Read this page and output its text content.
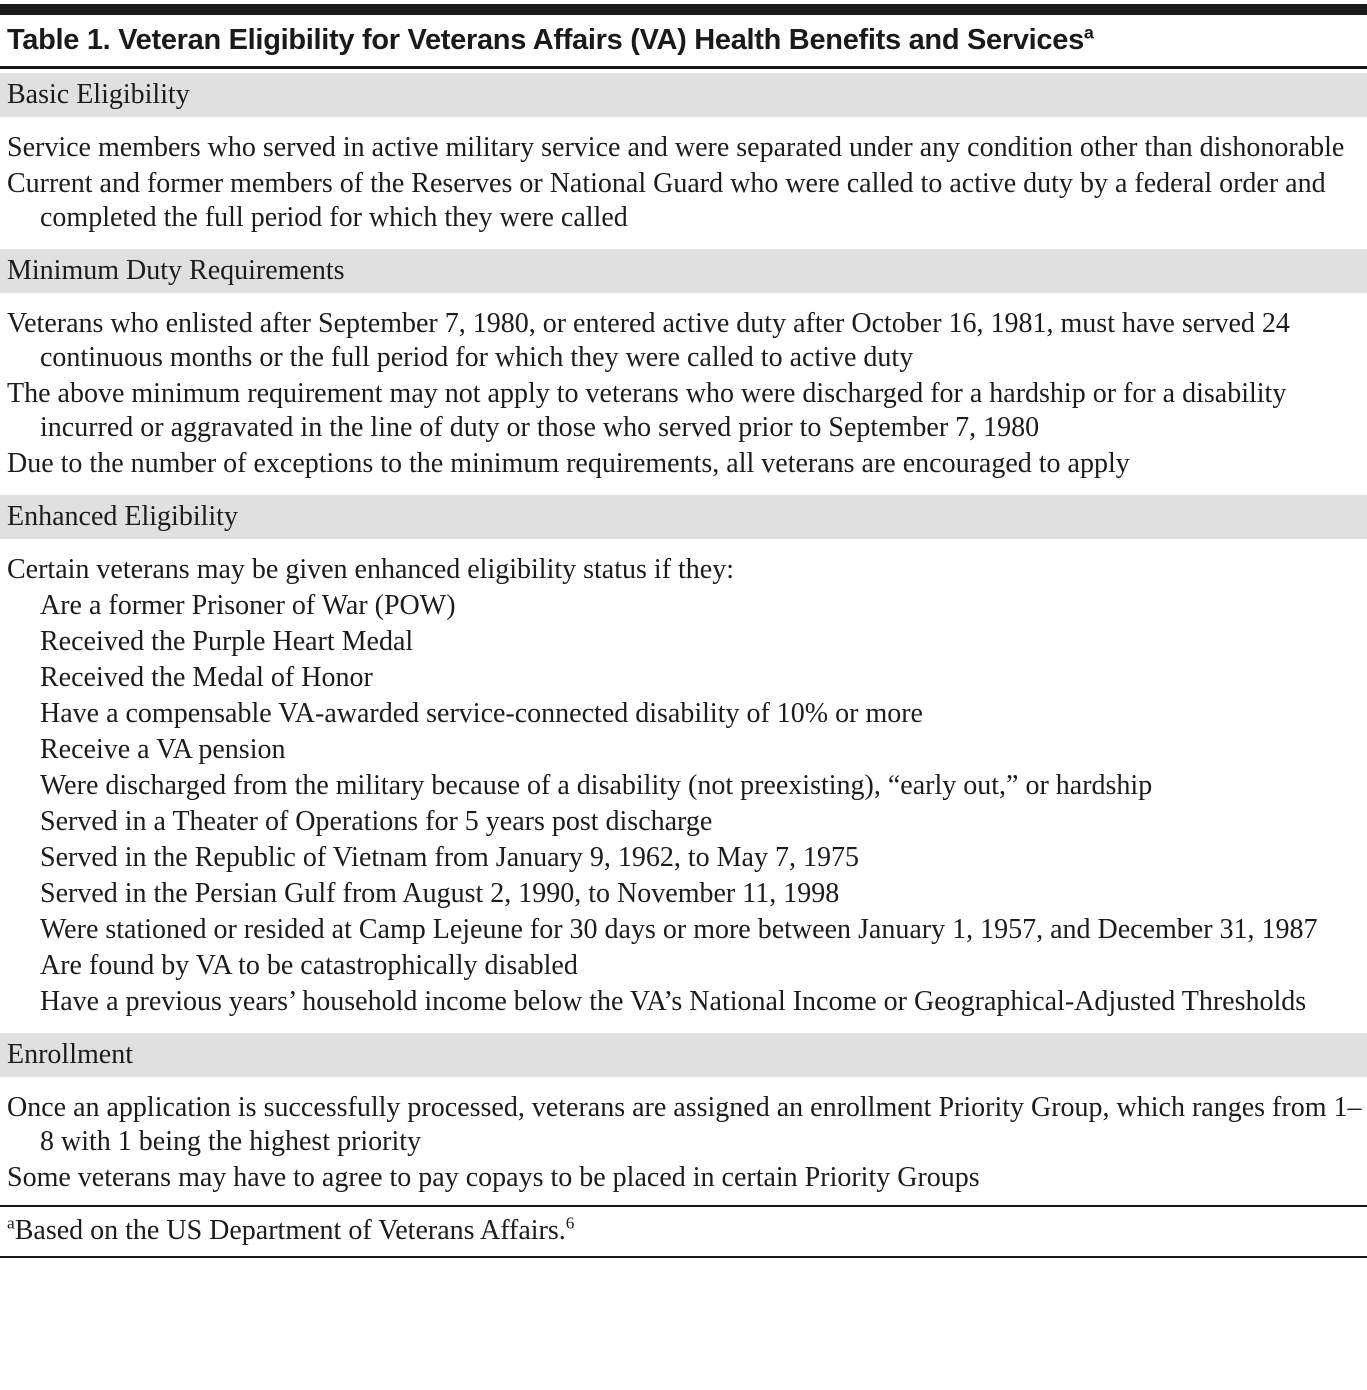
Table 1. Veteran Eligibility for Veterans Affairs (VA) Health Benefits and Services$^a$
Basic Eligibility
Service members who served in active military service and were separated under any condition other than dishonorable
Current and former members of the Reserves or National Guard who were called to active duty by a federal order and completed the full period for which they were called
Minimum Duty Requirements
Veterans who enlisted after September 7, 1980, or entered active duty after October 16, 1981, must have served 24 continuous months or the full period for which they were called to active duty
The above minimum requirement may not apply to veterans who were discharged for a hardship or for a disability incurred or aggravated in the line of duty or those who served prior to September 7, 1980
Due to the number of exceptions to the minimum requirements, all veterans are encouraged to apply
Enhanced Eligibility
Certain veterans may be given enhanced eligibility status if they:
Are a former Prisoner of War (POW)
Received the Purple Heart Medal
Received the Medal of Honor
Have a compensable VA-awarded service-connected disability of 10% or more
Receive a VA pension
Were discharged from the military because of a disability (not preexisting), “early out,” or hardship
Served in a Theater of Operations for 5 years post discharge
Served in the Republic of Vietnam from January 9, 1962, to May 7, 1975
Served in the Persian Gulf from August 2, 1990, to November 11, 1998
Were stationed or resided at Camp Lejeune for 30 days or more between January 1, 1957, and December 31, 1987
Are found by VA to be catastrophically disabled
Have a previous years’ household income below the VA’s National Income or Geographical-Adjusted Thresholds
Enrollment
Once an application is successfully processed, veterans are assigned an enrollment Priority Group, which ranges from 1–8 with 1 being the highest priority
Some veterans may have to agree to pay copays to be placed in certain Priority Groups
$^a$Based on the US Department of Veterans Affairs.$^6$
